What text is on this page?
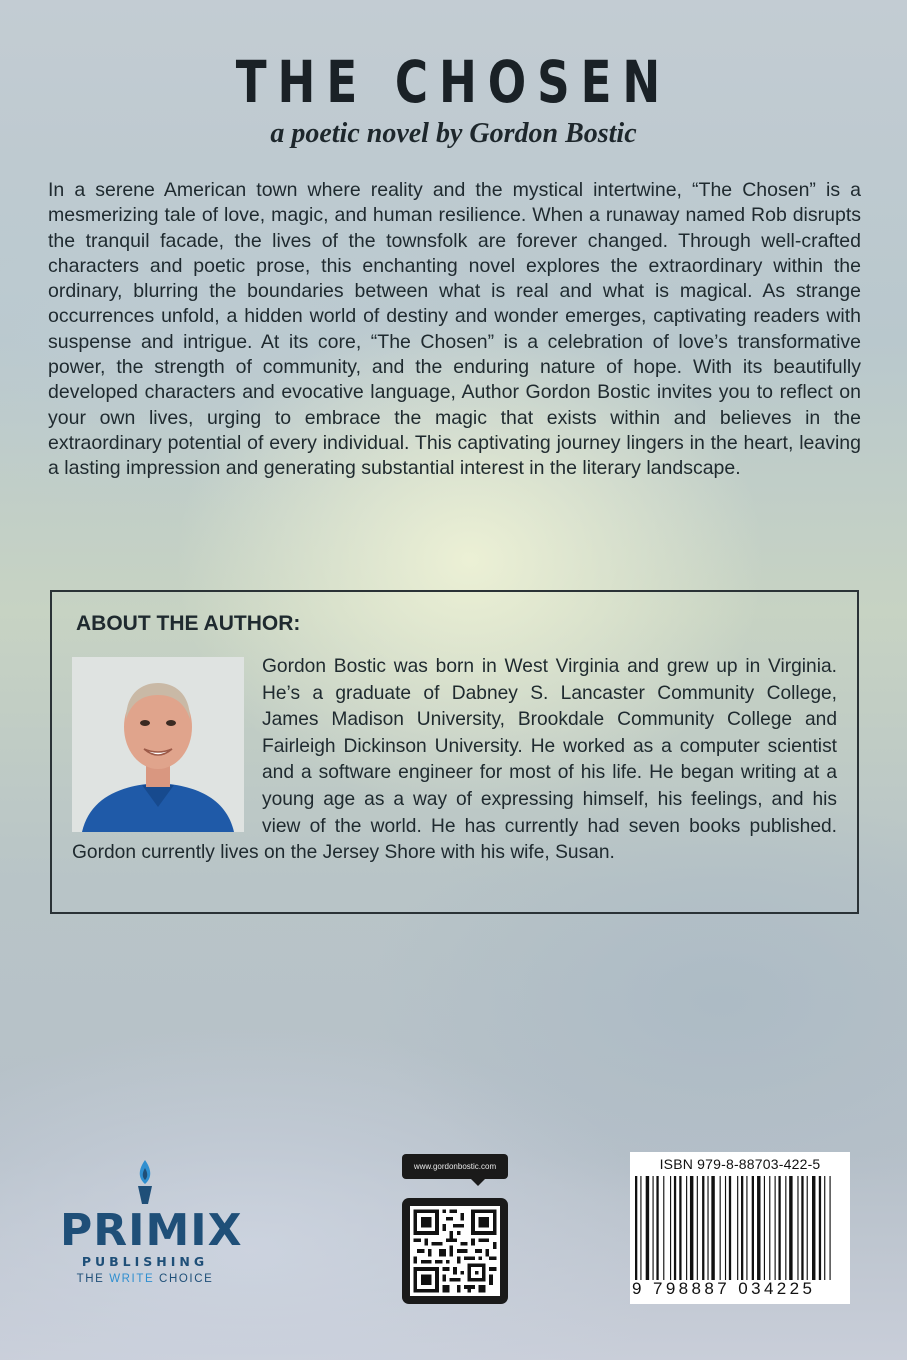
THE CHOSEN
a poetic novel by Gordon Bostic

In a serene American town where reality and the mystical intertwine, “The Chosen” is a mesmerizing tale of love, magic, and human resilience. When a runaway named Rob disrupts the tranquil facade, the lives of the townsfolk are forever changed. Through well-crafted characters and poetic prose, this enchanting novel explores the extraordinary within the ordinary, blurring the boundaries between what is real and what is magical. As strange occurrences unfold, a hidden world of destiny and wonder emerges, captivating readers with suspense and intrigue. At its core, “The Chosen” is a celebration of love’s transformative power, the strength of community, and the enduring nature of hope. With its beautifully developed characters and evocative language, Author Gordon Bostic invites you to reflect on your own lives, urging to embrace the magic that exists within and believes in the extraordinary potential of every individual. This captivating journey lingers in the heart, leaving a lasting impression and generating substantial interest in the literary landscape.

ABOUT THE AUTHOR:
Gordon Bostic was born in West Virginia and grew up in Virginia. He’s a graduate of Dabney S. Lancaster Community College, James Madison University, Brookdale Community College and Fairleigh Dickinson University. He worked as a computer scientist and a software engineer for most of his life. He began writing at a young age as a way of expressing himself, his feelings, and his view of the world. He has currently had seven books published. Gordon currently lives on the Jersey Shore with his wife, Susan.
PRIMIX
PUBLISHING
THE WRITE CHOICE
www.gordonbostic.com	ISBN 979-8-88703-422-5
9 798887 034225
